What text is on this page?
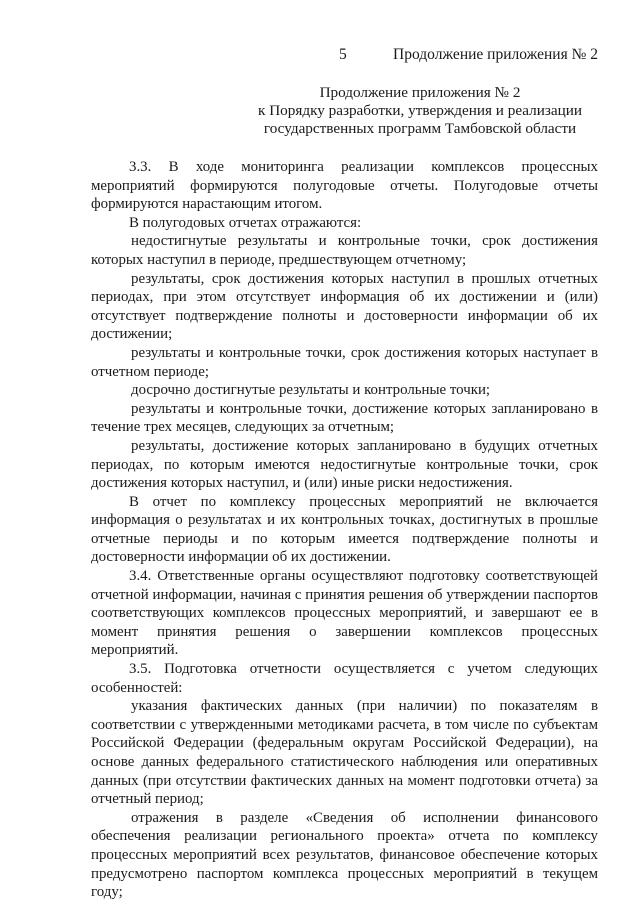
5	Продолжение приложения № 2
Продолжение приложения № 2
к Порядку разработки, утверждения и реализации
государственных программ Тамбовской области

3.3. В ходе мониторинга реализации комплексов процессных мероприятий формируются полугодовые отчеты. Полугодовые отчеты формируются нарастающим итогом.

В полугодовых отчетах отражаются:

недостигнутые результаты и контрольные точки, срок достижения которых наступил в периоде, предшествующем отчетному;

результаты, срок достижения которых наступил в прошлых отчетных периодах, при этом отсутствует информация об их достижении и (или) отсутствует подтверждение полноты и достоверности информации об их достижении;

результаты и контрольные точки, срок достижения которых наступает в отчетном периоде;

досрочно достигнутые результаты и контрольные точки;

результаты и контрольные точки, достижение которых запланировано в течение трех месяцев, следующих за отчетным;

результаты, достижение которых запланировано в будущих отчетных периодах, по которым имеются недостигнутые контрольные точки, срок достижения которых наступил, и (или) иные риски недостижения.

В отчет по комплексу процессных мероприятий не включается информация о результатах и их контрольных точках, достигнутых в прошлые отчетные периоды и по которым имеется подтверждение полноты и достоверности информации об их достижении.

3.4. Ответственные органы осуществляют подготовку соответствующей отчетной информации, начиная с принятия решения об утверждении паспортов соответствующих комплексов процессных мероприятий, и завершают ее в момент принятия решения о завершении комплексов процессных мероприятий.

3.5. Подготовка отчетности осуществляется с учетом следующих особенностей:

указания фактических данных (при наличии) по показателям в соответствии с утвержденными методиками расчета, в том числе по субъектам Российской Федерации (федеральным округам Российской Федерации), на основе данных федерального статистического наблюдения или оперативных данных (при отсутствии фактических данных на момент подготовки отчета) за отчетный период;

отражения в разделе «Сведения об исполнении финансового обеспечения реализации регионального проекта» отчета по комплексу процессных мероприятий всех результатов, финансовое обеспечение которых предусмотрено паспортом комплекса процессных мероприятий в текущем году;
